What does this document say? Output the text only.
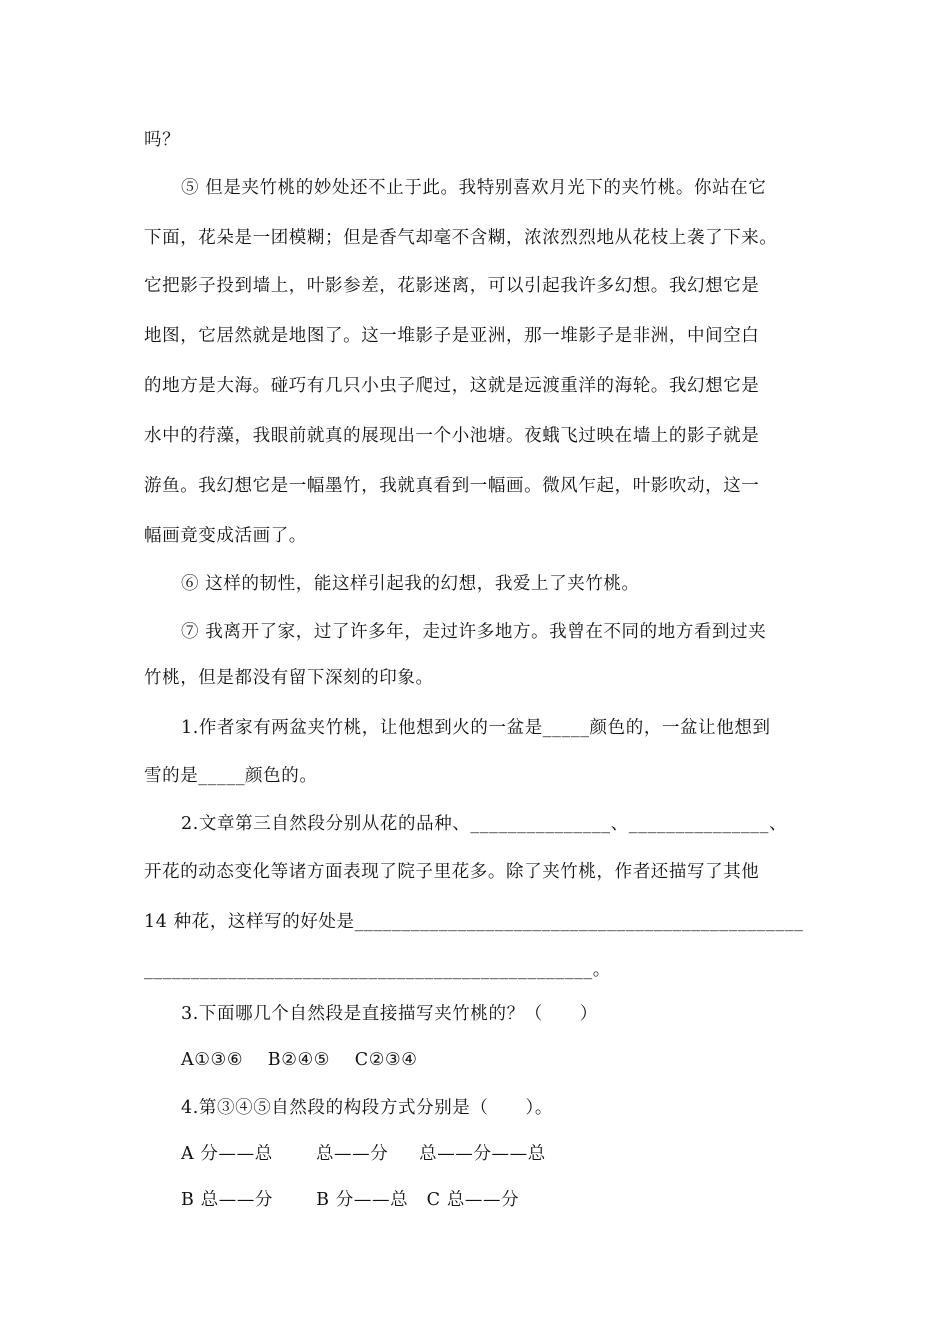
吗？
⑤ 但是夹竹桃的妙处还不止于此。我特别喜欢月光下的夹竹桃。你站在它
下面，花朵是一团模糊；但是香气却毫不含糊，浓浓烈烈地从花枝上袭了下来。
它把影子投到墙上，叶影参差，花影迷离，可以引起我许多幻想。我幻想它是
地图，它居然就是地图了。这一堆影子是亚洲，那一堆影子是非洲，中间空白
的地方是大海。碰巧有几只小虫子爬过，这就是远渡重洋的海轮。我幻想它是
水中的荇藻，我眼前就真的展现出一个小池塘。夜蛾飞过映在墙上的影子就是
游鱼。我幻想它是一幅墨竹，我就真看到一幅画。微风乍起，叶影吹动，这一
幅画竟变成活画了。
⑥ 这样的韧性，能这样引起我的幻想，我爱上了夹竹桃。
⑦ 我离开了家，过了许多年，走过许多地方。我曾在不同的地方看到过夹
竹桃，但是都没有留下深刻的印象。
1.作者家有两盆夹竹桃，让他想到火的一盆是_____颜色的，一盆让他想到
雪的是_____颜色的。
2.文章第三自然段分别从花的品种、_______________、_______________、
开花的动态变化等诸方面表现了院子里花多。除了夹竹桃，作者还描写了其他
14 种花，这样写的好处是________________________________________________
________________________________________________。
3.下面哪几个自然段是直接描写夹竹桃的？（      ）
A①③⑥    B②④⑤    C②③④
4.第③④⑤自然段的构段方式分别是（      ）。
A 分——总       总——分     总——分——总
B 总——分       B 分——总   C 总——分
